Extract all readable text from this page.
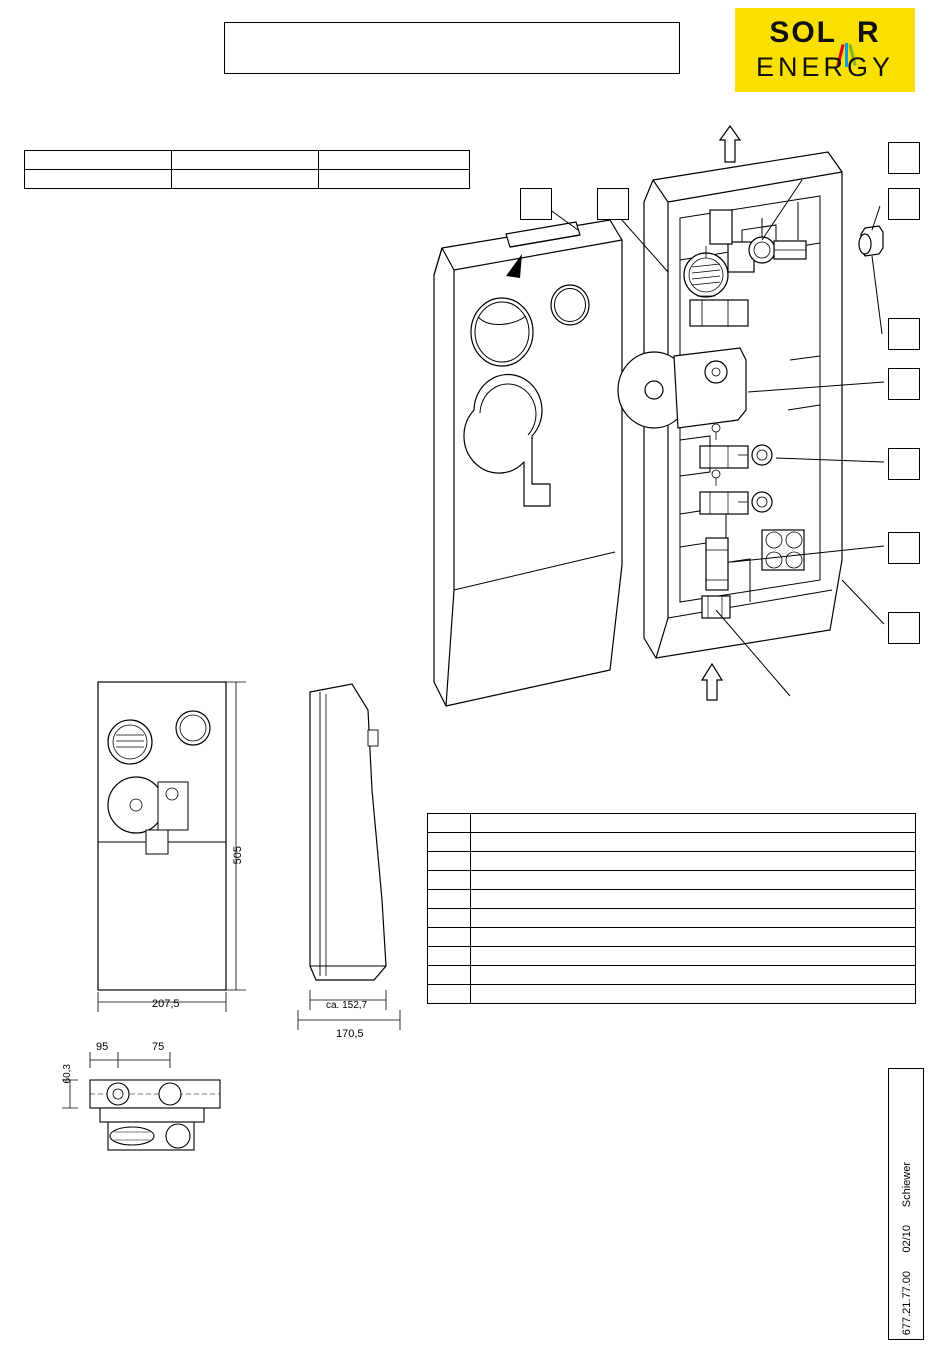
SOL R
ENERGY

505
207,5	ca. 152,7
170,5
95	75
60,3

677.21.77.00
02/10
Schiewer
